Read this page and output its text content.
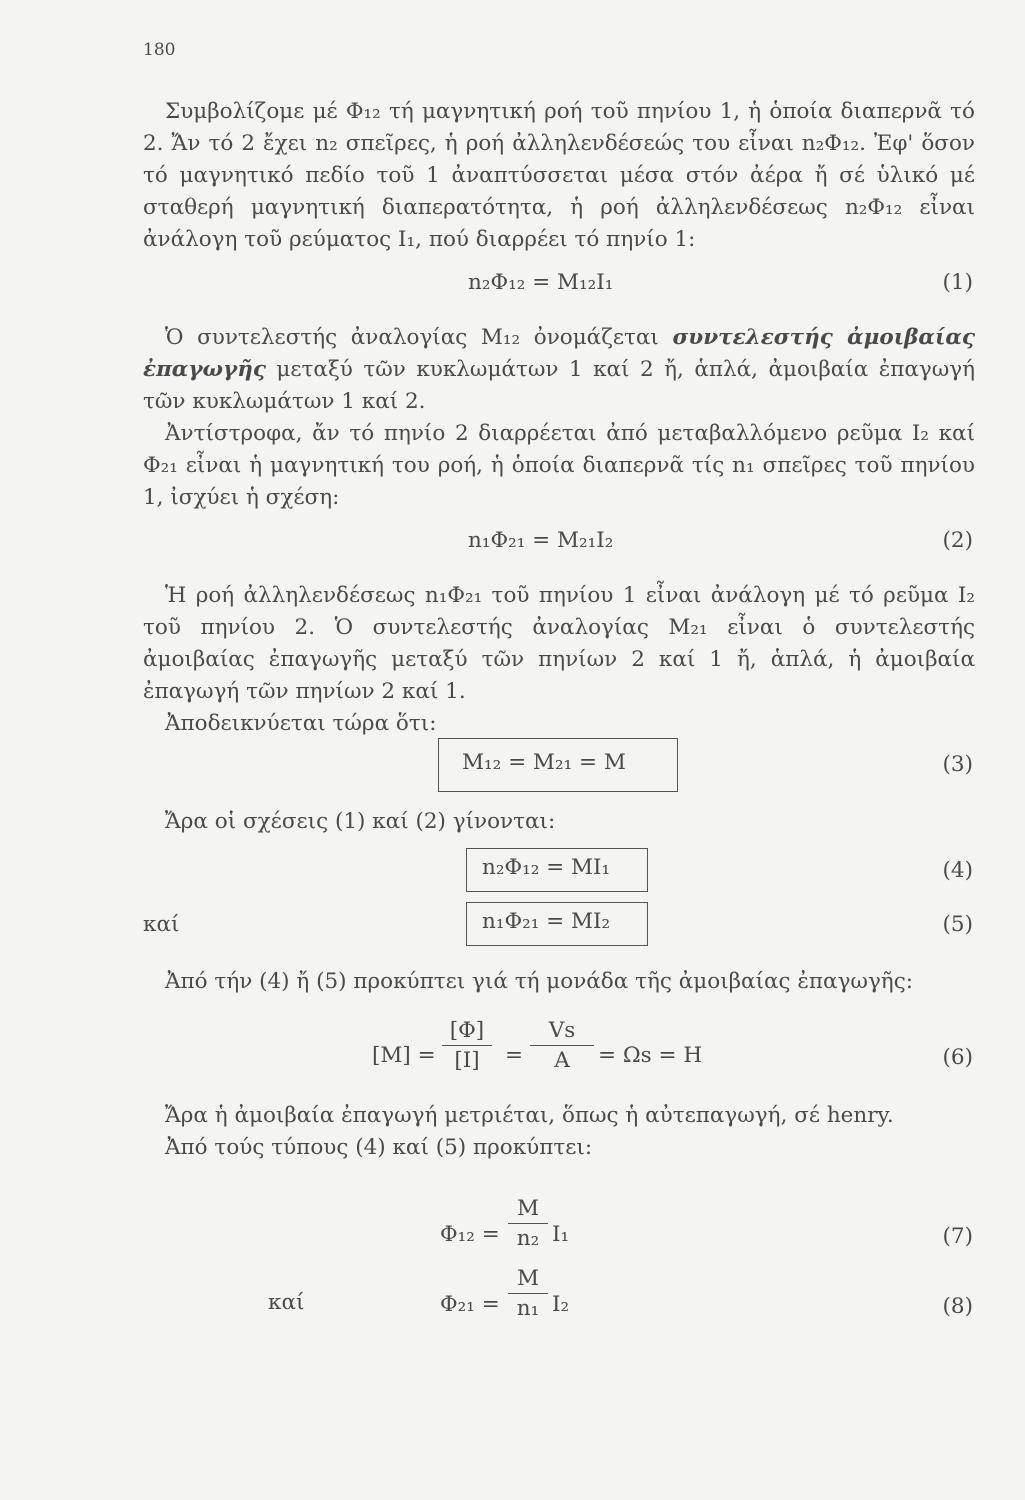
180
Συμβολίζομε μέ Φ₁₂ τή μαγνητική ροή τοῦ πηνίου 1, ἡ ὁποία διαπερνᾶ τό 2. Ἄν τό 2 ἔχει n₂ σπεῖρες, ἡ ροή ἀλληλενδέσεώς του εἶναι n₂Φ₁₂. Ἐφ' ὅσον τό μαγνητικό πεδίο τοῦ 1 ἀναπτύσσεται μέσα στόν ἀέρα ἤ σέ ὑλικό μέ σταθερή μαγνητική διαπερατότητα, ἡ ροή ἀλληλενδέσεως n₂Φ₁₂ εἶναι ἀνάλογη τοῦ ρεύματος I₁, πού διαρρέει τό πηνίο 1:
n₂Φ₁₂ = M₁₂I₁	(1)
Ὁ συντελεστής ἀναλογίας M₁₂ ὀνομάζεται συντελεστής ἀμοιβαίας ἐπαγωγῆς μεταξύ τῶν κυκλωμάτων 1 καί 2 ἤ, ἁπλά, ἀμοιβαία ἐπαγωγή τῶν κυκλωμάτων 1 καί 2.
Ἀντίστροφα, ἄν τό πηνίο 2 διαρρέεται ἀπό μεταβαλλόμενο ρεῦμα I₂ καί Φ₂₁ εἶναι ἡ μαγνητική του ροή, ἡ ὁποία διαπερνᾶ τίς n₁ σπεῖρες τοῦ πηνίου 1, ἰσχύει ἡ σχέση:
n₁Φ₂₁ = M₂₁I₂	(2)
Ἡ ροή ἀλληλενδέσεως n₁Φ₂₁ τοῦ πηνίου 1 εἶναι ἀνάλογη μέ τό ρεῦμα I₂ τοῦ πηνίου 2. Ὁ συντελεστής ἀναλογίας M₂₁ εἶναι ὁ συντελεστής ἀμοιβαίας ἐπαγωγῆς μεταξύ τῶν πηνίων 2 καί 1 ἤ, ἁπλά, ἡ ἀμοιβαία ἐπαγωγή τῶν πηνίων 2 καί 1.
Ἀποδεικνύεται τώρα ὅτι:
M₁₂ = M₂₁ = M	(3)
Ἄρα οἱ σχέσεις (1) καί (2) γίνονται:
n₂Φ₁₂ = MI₁	(4)
καί	n₁Φ₂₁ = MI₂	(5)
Ἀπό τήν (4) ἤ (5) προκύπτει γιά τή μονάδα τῆς ἀμοιβαίας ἐπαγωγῆς:
[M] =
[Φ]
[I]	=
Vs
A	= Ωs = H	(6)
Ἄρα ἡ ἀμοιβαία ἐπαγωγή μετριέται, ὅπως ἡ αὐτεπαγωγή, σέ henry.
Ἀπό τούς τύπους (4) καί (5) προκύπτει:
Φ₁₂ =
M
n₂ I₁	(7)
καί	Φ₂₁ =
M
n₁ I₂	(8)
